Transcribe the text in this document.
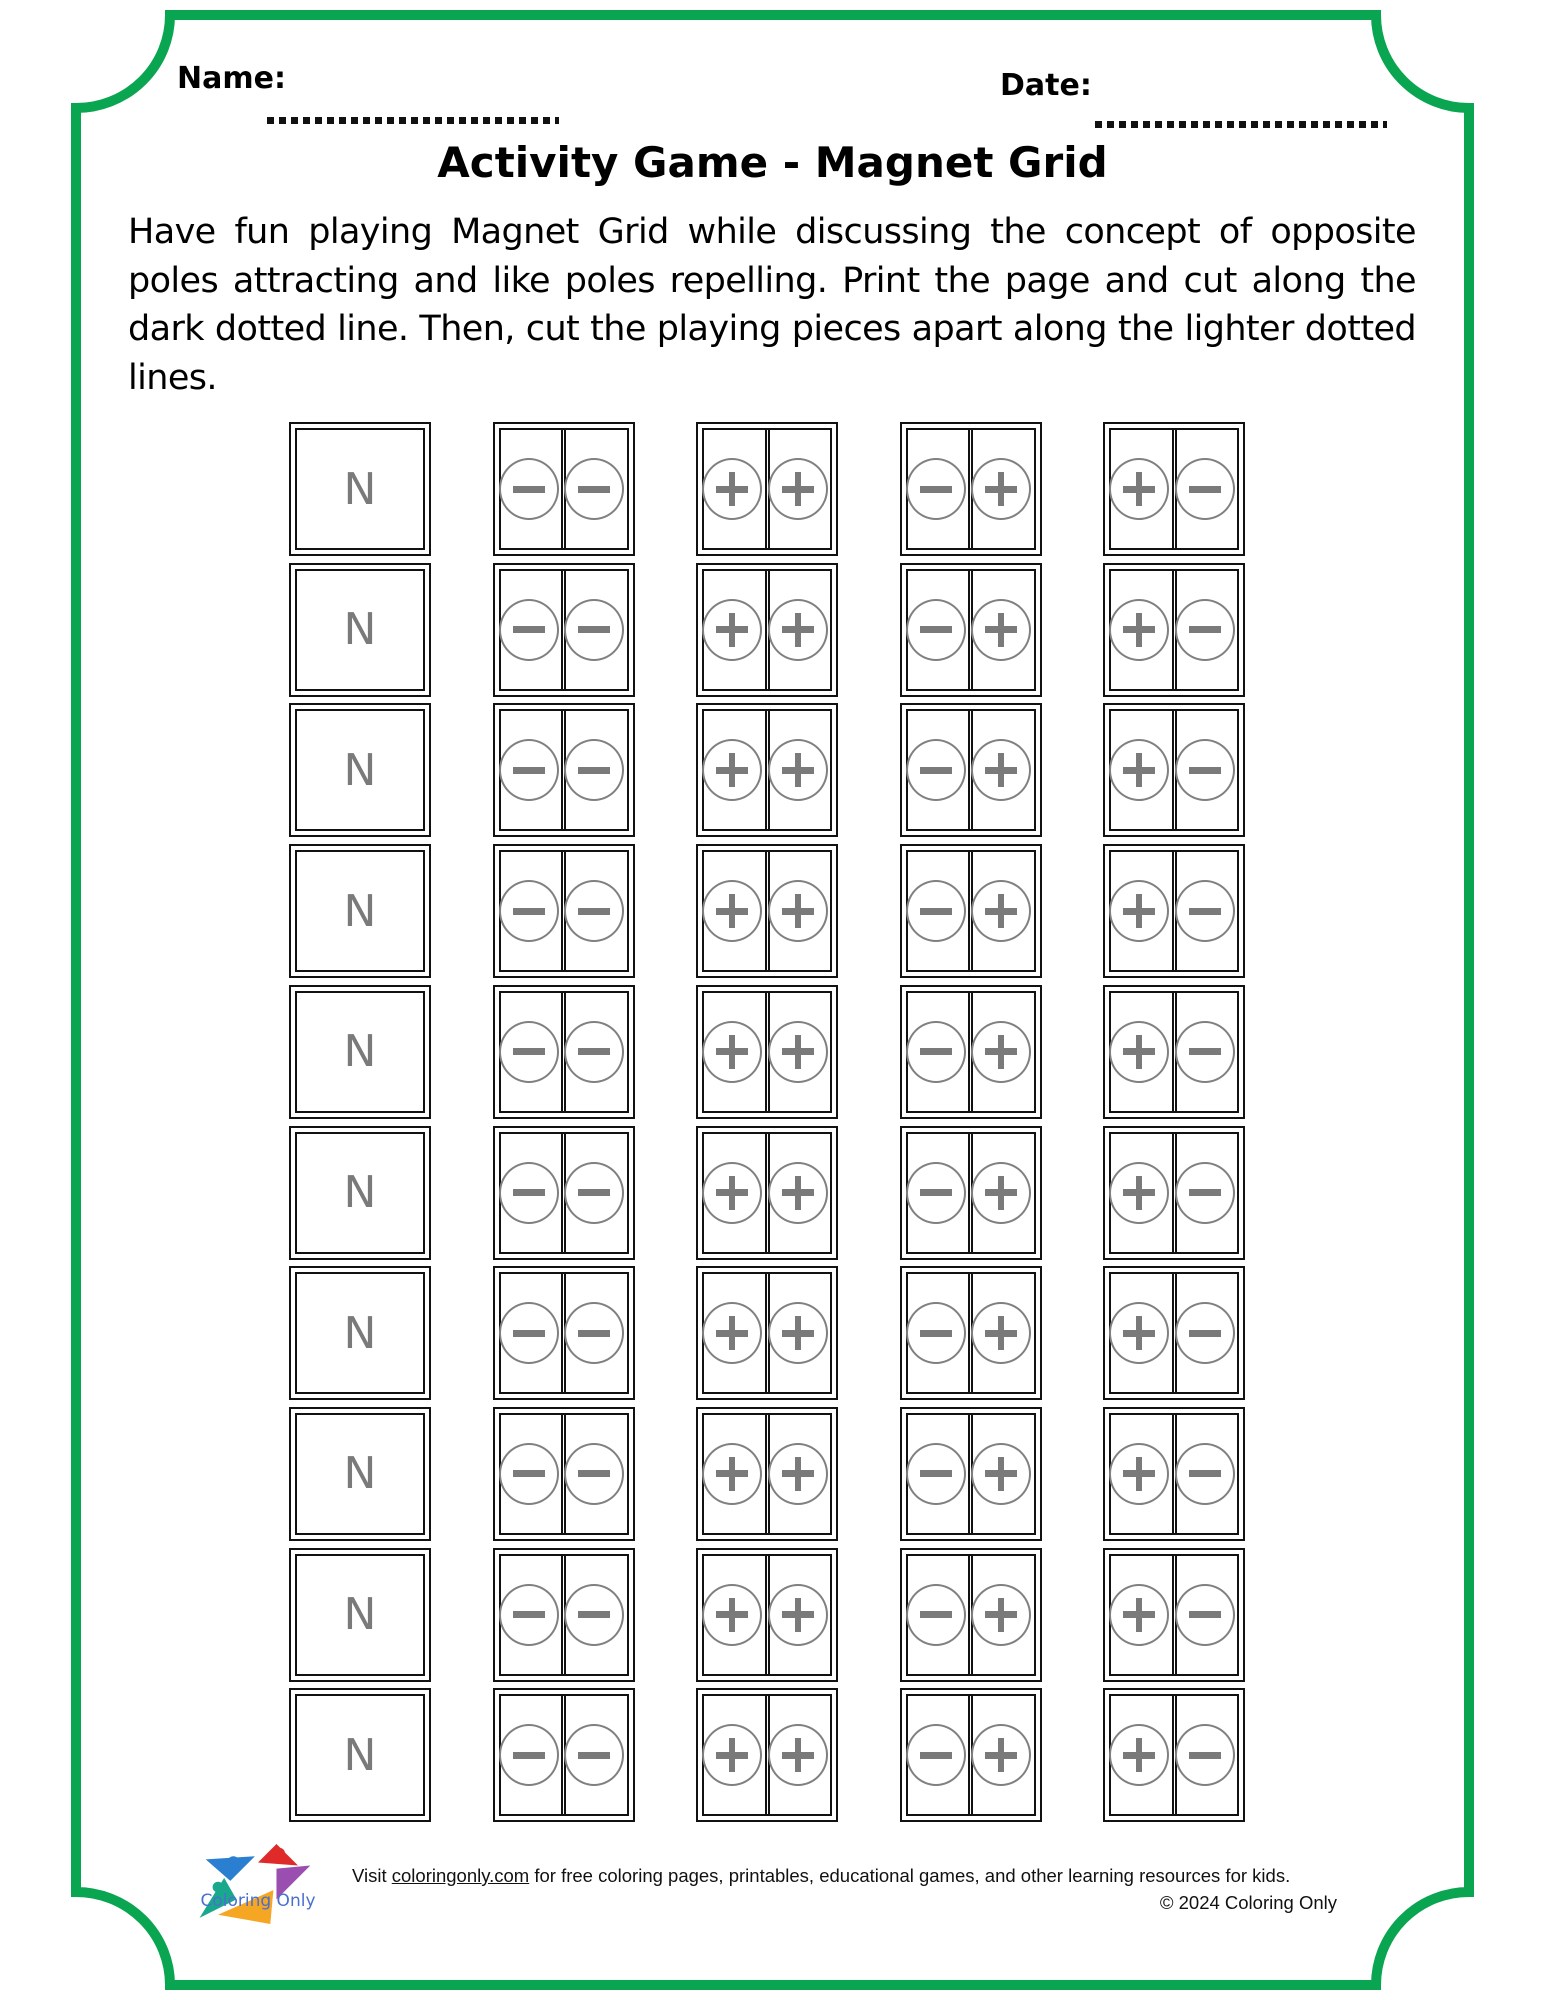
Name:	Date:
Activity Game - Magnet Grid
Have fun playing Magnet Grid while discussing the concept of opposite poles attracting and like poles repelling. Print the page and cut along the dark dotted line. Then, cut the playing pieces apart along the lighter dotted lines.
N
N
N
N
N
N
N
N
N
N
Coloring Only
Visit coloringonly.com for free coloring pages, printables, educational games, and other learning resources for kids.
© 2024 Coloring Only
